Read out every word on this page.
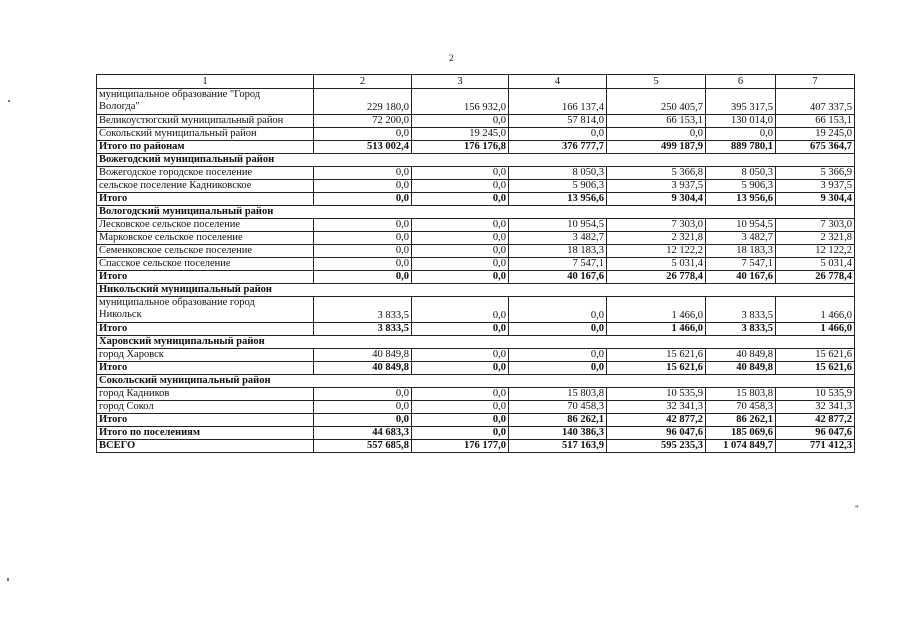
2
1	2	3	4	5	6	7
муниципальное образование "Город
Вологда"	229 180,0	156 932,0	166 137,4	250 405,7	395 317,5	407 337,5
Великоустюгский муниципальный район	72 200,0	0,0	57 814,0	66 153,1	130 014,0	66 153,1
Сокольский муниципальный район	0,0	19 245,0	0,0	0,0	0,0	19 245,0
Итого по районам	513 002,4	176 176,8	376 777,7	499 187,9	889 780,1	675 364,7
Вожегодский муниципальный район						
Вожегодское городское поселение	0,0	0,0	8 050,3	5 366,8	8 050,3	5 366,9
сельское поселение Кадниковское	0,0	0,0	5 906,3	3 937,5	5 906,3	3 937,5
Итого	0,0	0,0	13 956,6	9 304,4	13 956,6	9 304,4
Вологодский муниципальный район						
Лесковское сельское поселение	0,0	0,0	10 954,5	7 303,0	10 954,5	7 303,0
Марковское сельское поселение	0,0	0,0	3 482,7	2 321,8	3 482,7	2 321,8
Семенковское сельское поселение	0,0	0,0	18 183,3	12 122,2	18 183,3	12 122,2
Спасское сельское поселение	0,0	0,0	7 547,1	5 031,4	7 547,1	5 031,4
Итого	0,0	0,0	40 167,6	26 778,4	40 167,6	26 778,4
Никольский муниципальный район						
муниципальное образование город
Никольск	3 833,5	0,0	0,0	1 466,0	3 833,5	1 466,0
Итого	3 833,5	0,0	0,0	1 466,0	3 833,5	1 466,0
Харовский муниципальный район						
город Харовск	40 849,8	0,0	0,0	15 621,6	40 849,8	15 621,6
Итого	40 849,8	0,0	0,0	15 621,6	40 849,8	15 621,6
Сокольский муниципальный район						
город Кадников	0,0	0,0	15 803,8	10 535,9	15 803,8	10 535,9
город Сокол	0,0	0,0	70 458,3	32 341,3	70 458,3	32 341,3
Итого	0,0	0,0	86 262,1	42 877,2	86 262,1	42 877,2
Итого по поселениям	44 683,3	0,0	140 386,3	96 047,6	185 069,6	96 047,6
ВСЕГО	557 685,8	176 177,0	517 163,9	595 235,3	1 074 849,7	771 412,3
"
